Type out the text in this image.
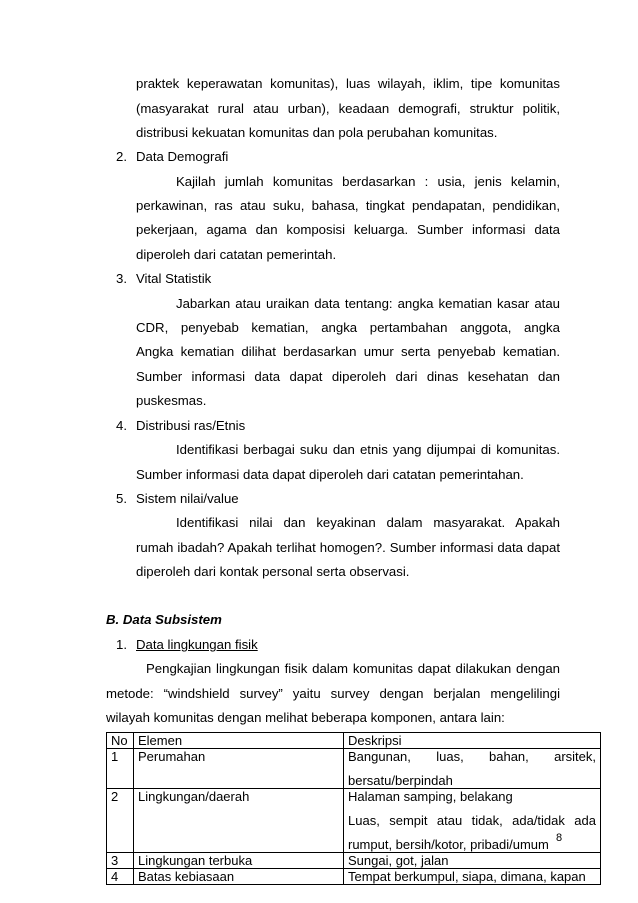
praktek keperawatan komunitas), luas wilayah, iklim, tipe komunitas

(masyarakat rural atau urban), keadaan demografi, struktur politik,

distribusi kekuatan komunitas dan pola perubahan komunitas.

2. Data Demografi

Kajilah jumlah komunitas berdasarkan : usia, jenis kelamin,

perkawinan, ras atau suku, bahasa, tingkat pendapatan, pendidikan,

pekerjaan, agama dan komposisi keluarga. Sumber informasi data

diperoleh dari catatan pemerintah.

3. Vital Statistik

Jabarkan atau uraikan data tentang: angka kematian kasar atau

CDR, penyebab kematian, angka pertambahan anggota, angka

Angka kematian dilihat berdasarkan umur serta penyebab kematian.

Sumber informasi data dapat diperoleh dari dinas kesehatan dan

puskesmas.

4. Distribusi ras/Etnis

Identifikasi berbagai suku dan etnis yang dijumpai di komunitas.

Sumber informasi data dapat diperoleh dari catatan pemerintahan.

5. Sistem nilai/value

Identifikasi nilai dan keyakinan dalam masyarakat. Apakah

rumah ibadah? Apakah terlihat homogen?. Sumber informasi data dapat

diperoleh dari kontak personal serta observasi.

B. Data Subsistem

1. Data lingkungan fisik

Pengkajian lingkungan fisik dalam komunitas dapat dilakukan dengan

metode: “windshield survey” yaitu survey dengan berjalan mengelilingi

wilayah komunitas dengan melihat beberapa komponen, antara lain:

No	Elemen	Deskripsi
1	Perumahan	Bangunan, luas, bahan, arsitek,
bersatu/berpindah

2	Lingkungan/daerah	Halaman samping, belakang
Luas, sempit atau tidak, ada/tidak ada
rumput, bersih/kotor, pribadi/umum

3	Lingkungan terbuka	Sungai, got, jalan

4	Batas kebiasaan	Tempat berkumpul, siapa, dimana, kapan
8
